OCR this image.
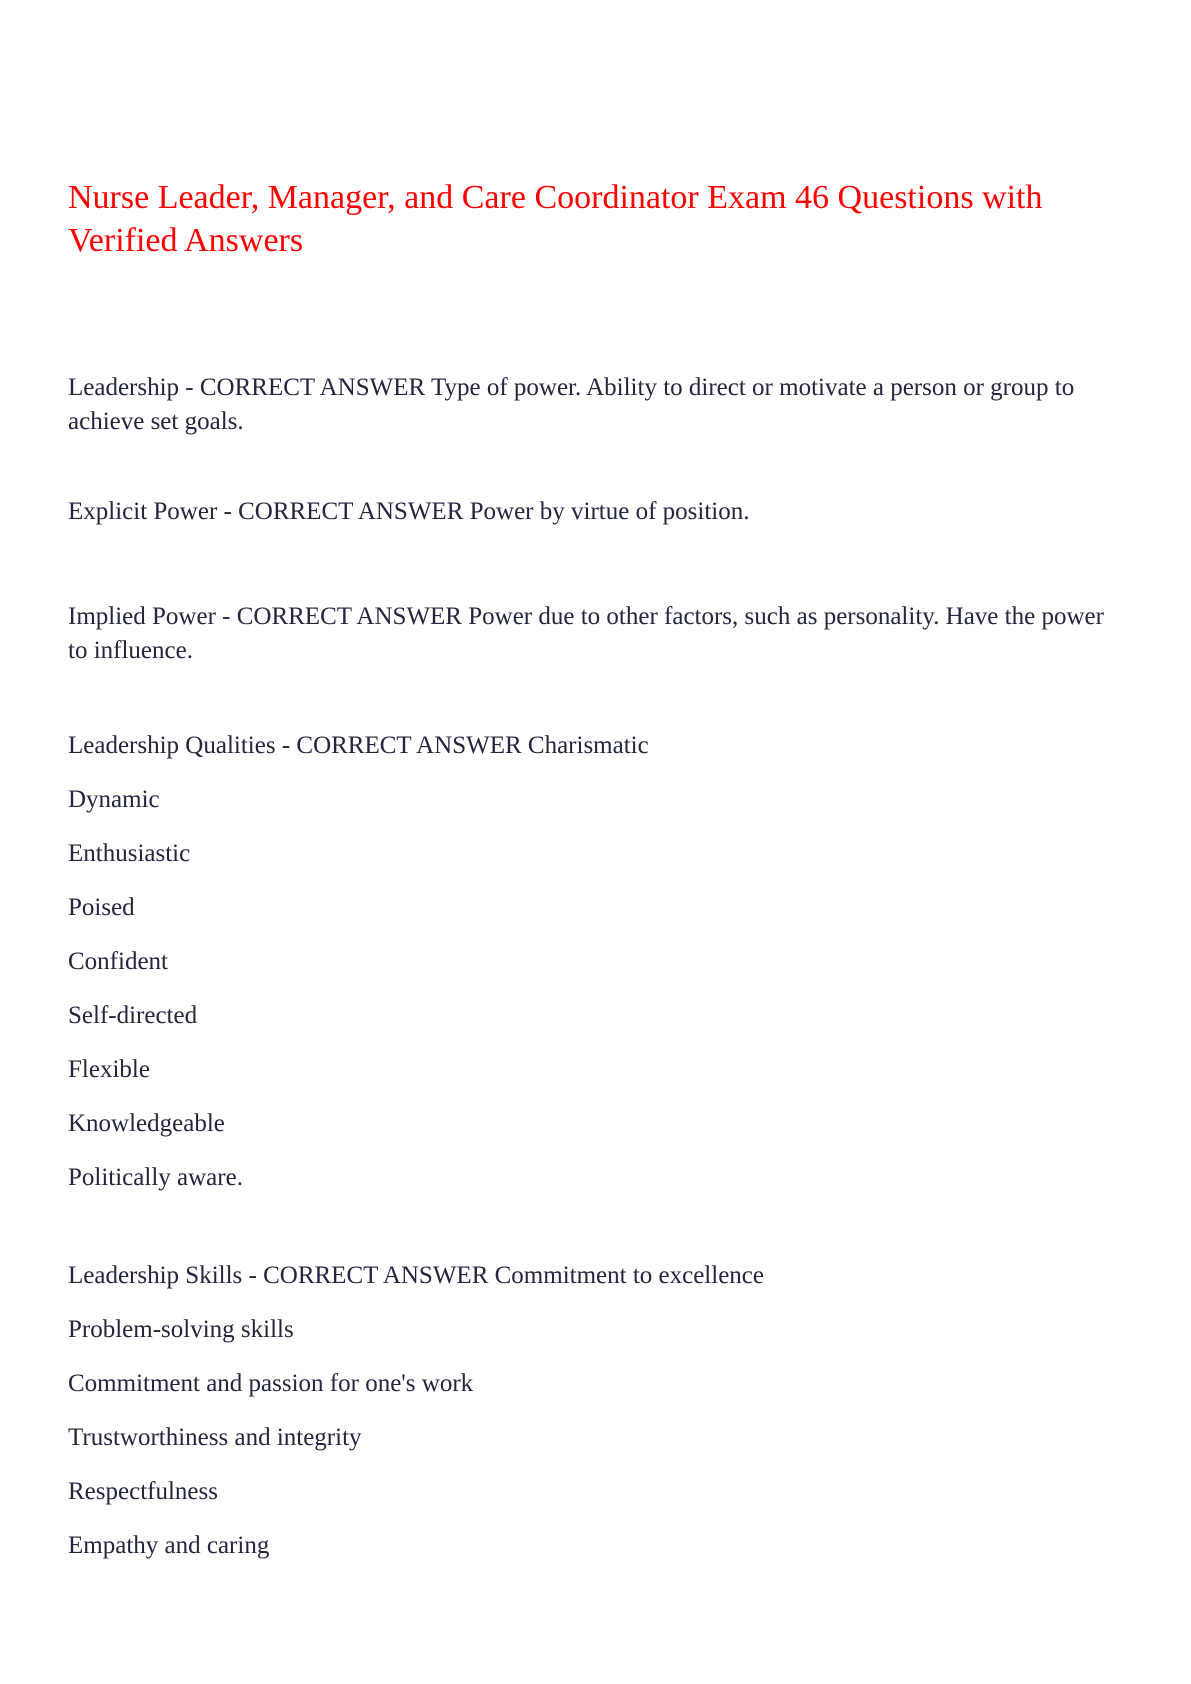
Nurse Leader, Manager, and Care Coordinator Exam 46 Questions with Verified Answers

Leadership - CORRECT ANSWER Type of power. Ability to direct or motivate a person or group to achieve set goals.

Explicit Power - CORRECT ANSWER Power by virtue of position.

Implied Power - CORRECT ANSWER Power due to other factors, such as personality. Have the power to influence.

Leadership Qualities - CORRECT ANSWER Charismatic

Dynamic

Enthusiastic

Poised

Confident

Self-directed

Flexible

Knowledgeable

Politically aware.

Leadership Skills - CORRECT ANSWER Commitment to excellence

Problem-solving skills

Commitment and passion for one's work

Trustworthiness and integrity

Respectfulness

Empathy and caring
